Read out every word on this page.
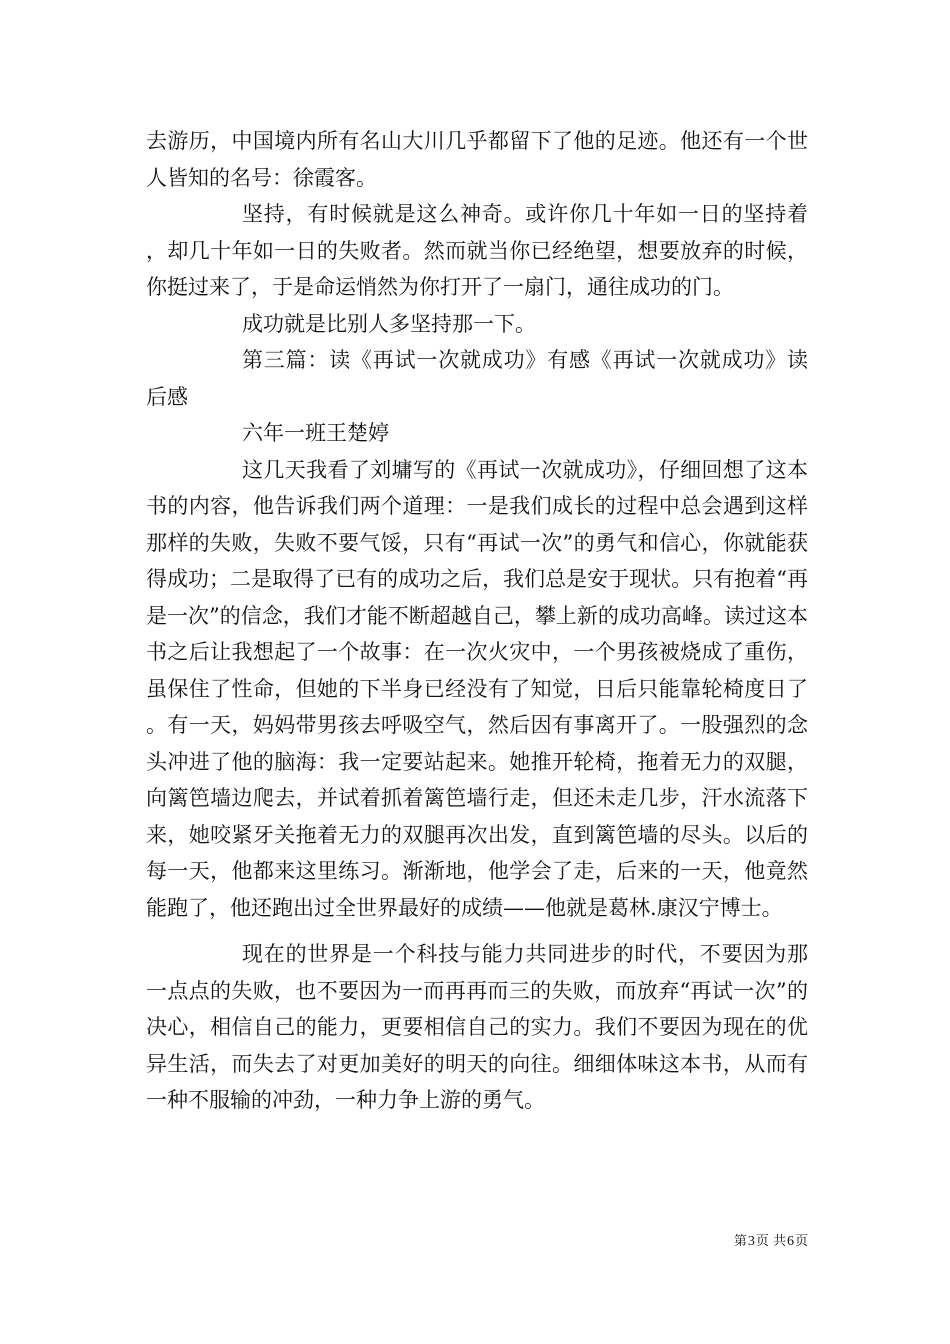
去游历，中国境内所有名山大川几乎都留下了他的足迹。他还有一个世人皆知的名号：徐霞客。

坚持，有时候就是这么神奇。或许你几十年如一日的坚持着，却几十年如一日的失败者。然而就当你已经绝望，想要放弃的时候，你挺过来了，于是命运悄然为你打开了一扇门，通往成功的门。

成功就是比别人多坚持那一下。

第三篇：读《再试一次就成功》有感《再试一次就成功》读后感

六年一班王楚婷

这几天我看了刘墉写的《再试一次就成功》，仔细回想了这本书的内容，他告诉我们两个道理：一是我们成长的过程中总会遇到这样那样的失败，失败不要气馁，只有“再试一次”的勇气和信心，你就能获得成功；二是取得了已有的成功之后，我们总是安于现状。只有抱着“再是一次”的信念，我们才能不断超越自己，攀上新的成功高峰。读过这本书之后让我想起了一个故事：在一次火灾中，一个男孩被烧成了重伤，虽保住了性命，但她的下半身已经没有了知觉，日后只能靠轮椅度日了。有一天，妈妈带男孩去呼吸空气，然后因有事离开了。一股强烈的念头冲进了他的脑海：我一定要站起来。她推开轮椅，拖着无力的双腿，向篱笆墙边爬去，并试着抓着篱笆墙行走，但还未走几步，汗水流落下来，她咬紧牙关拖着无力的双腿再次出发，直到篱笆墙的尽头。以后的每一天，他都来这里练习。渐渐地，他学会了走，后来的一天，他竟然能跑了，他还跑出过全世界最好的成绩——他就是葛林.康汉宁博士。

现在的世界是一个科技与能力共同进步的时代，不要因为那一点点的失败，也不要因为一而再再而三的失败，而放弃“再试一次”的决心，相信自己的能力，更要相信自己的实力。我们不要因为现在的优异生活，而失去了对更加美好的明天的向往。细细体味这本书，从而有一种不服输的冲劲，一种力争上游的勇气。

第3页 共6页
